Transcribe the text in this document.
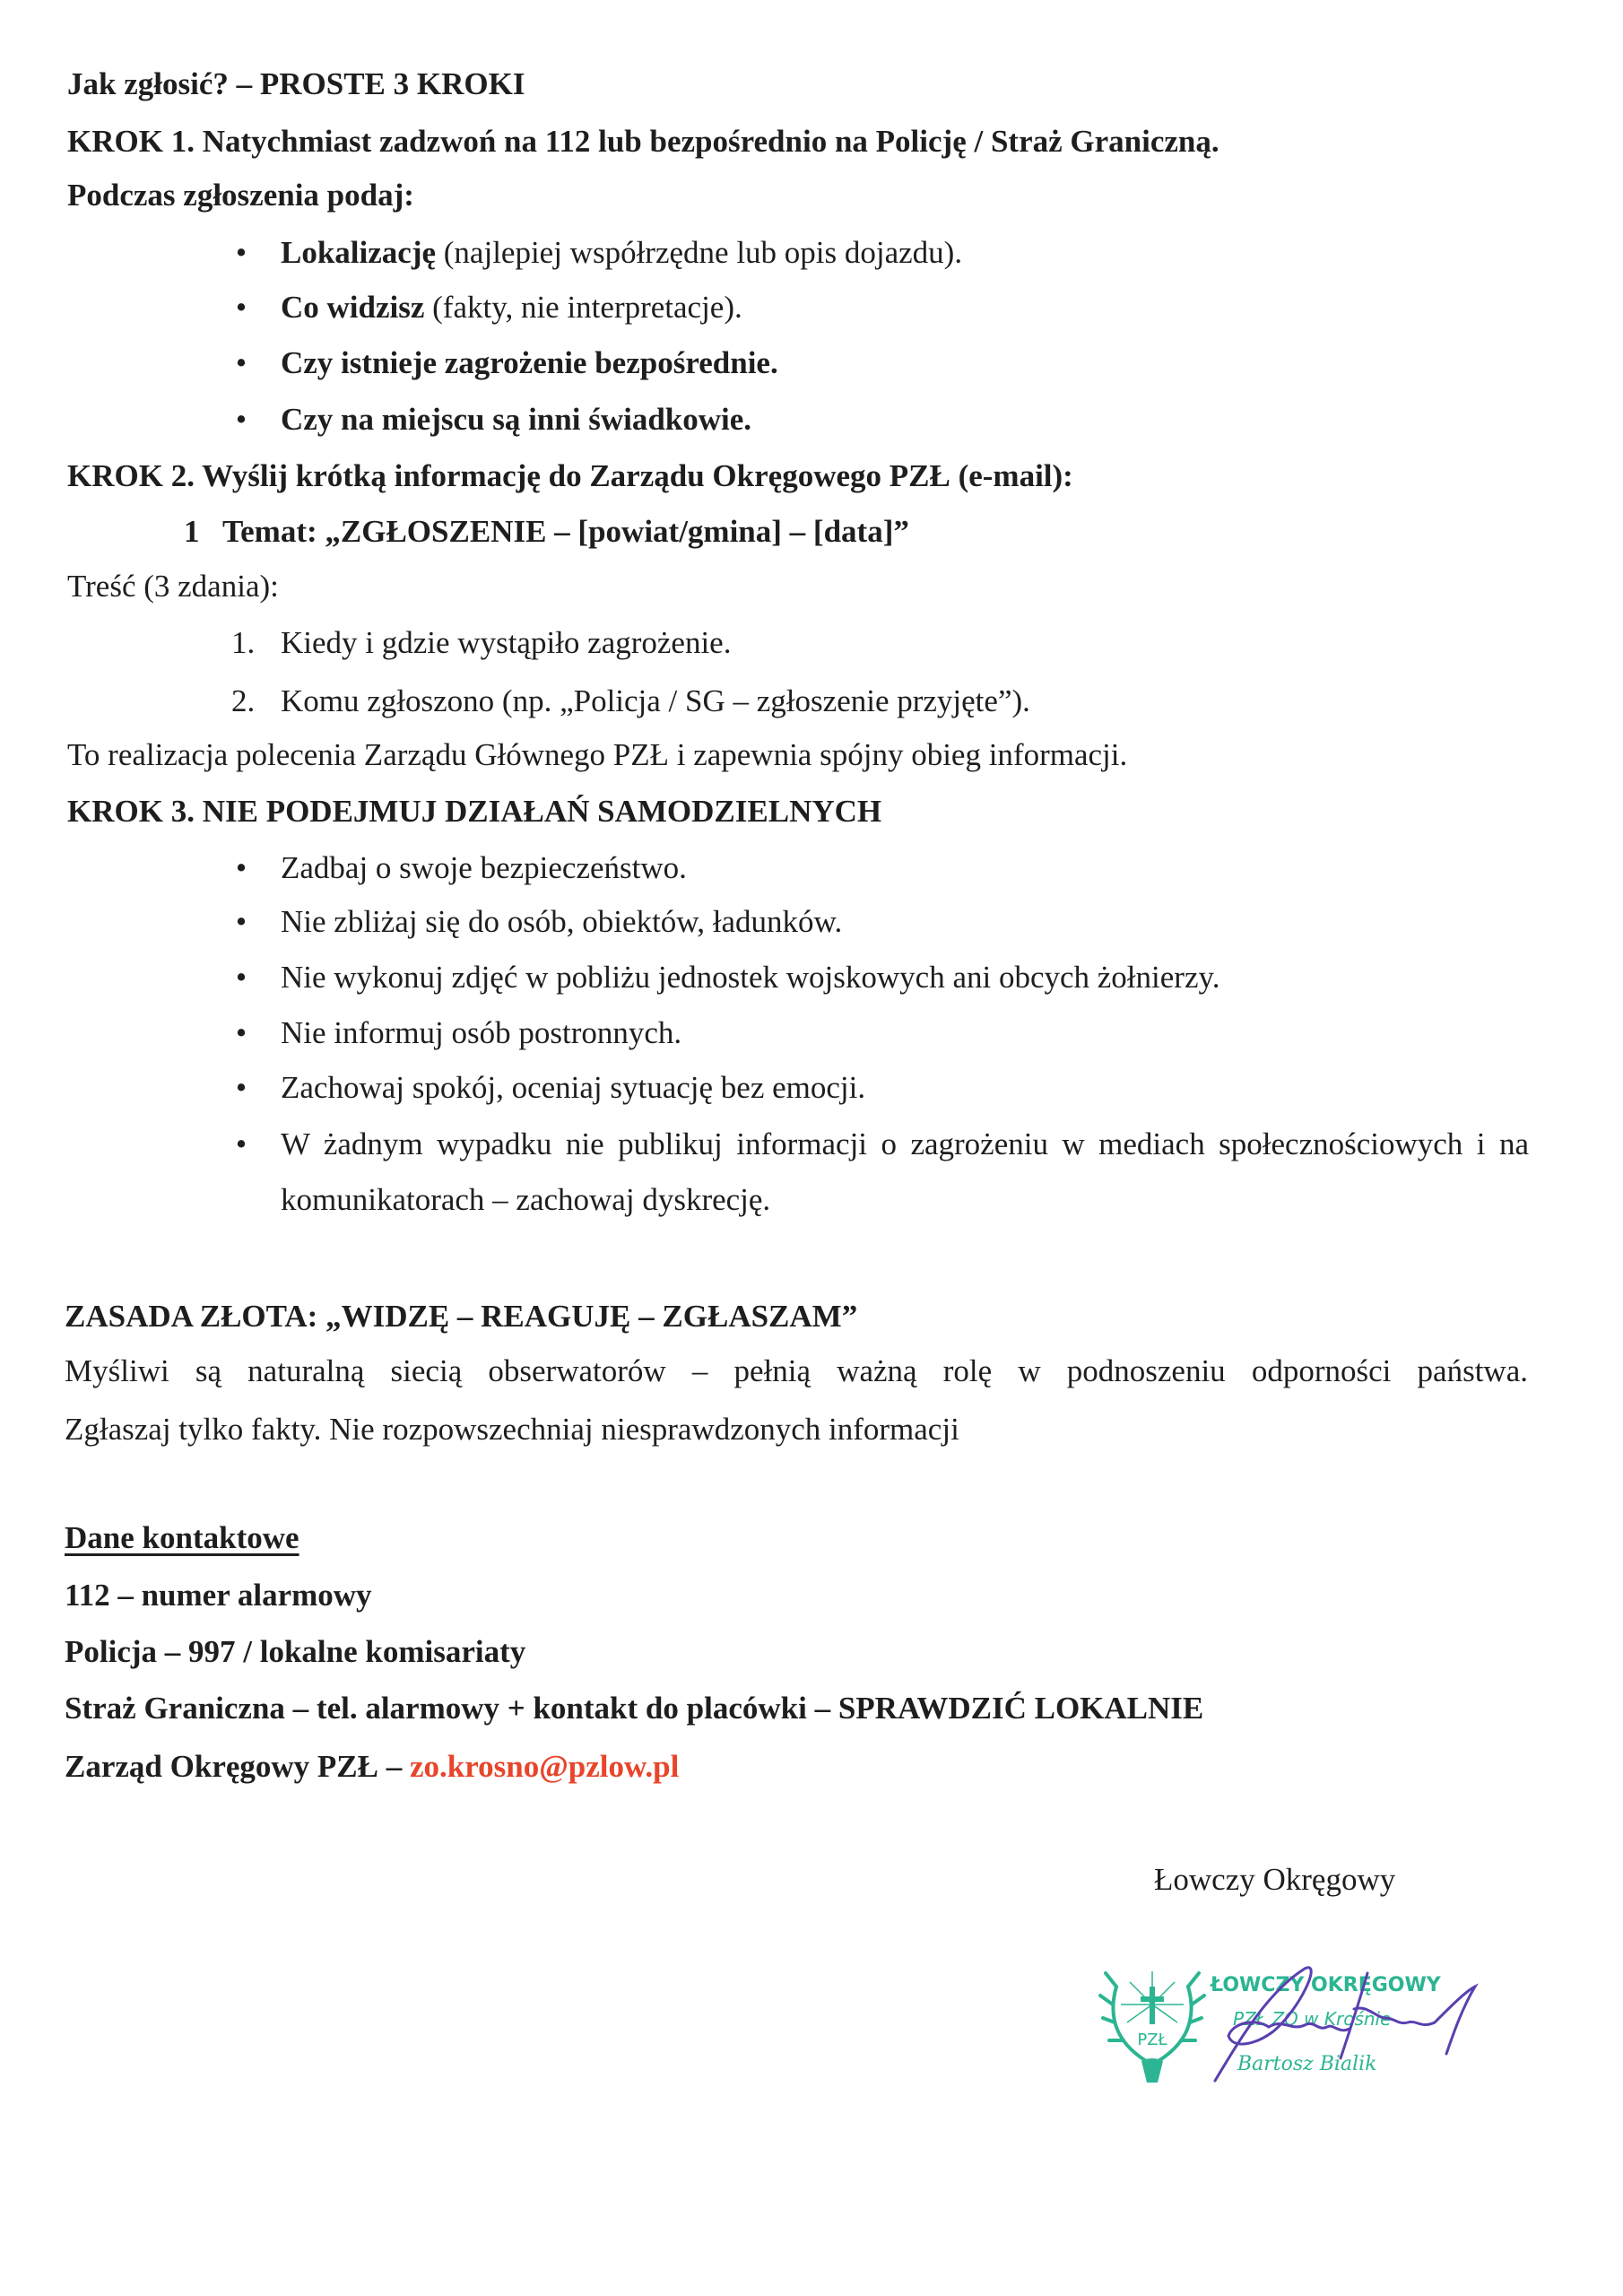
Jak zgłosić? – PROSTE 3 KROKI
KROK 1. Natychmiast zadzwoń na 112 lub bezpośrednio na Policję / Straż Graniczną.
Podczas zgłoszenia podaj:
• Lokalizację (najlepiej współrzędne lub opis dojazdu).
• Co widzisz (fakty, nie interpretacje).
• Czy istnieje zagrożenie bezpośrednie.
• Czy na miejscu są inni świadkowie.
KROK 2. Wyślij krótką informację do Zarządu Okręgowego PZŁ (e-mail):
1 Temat: „ZGŁOSZENIE – [powiat/gmina] – [data]”
Treść (3 zdania):
1. Kiedy i gdzie wystąpiło zagrożenie.
2. Komu zgłoszono (np. „Policja / SG – zgłoszenie przyjęte”).
To realizacja polecenia Zarządu Głównego PZŁ i zapewnia spójny obieg informacji.
KROK 3. NIE PODEJMUJ DZIAŁAŃ SAMODZIELNYCH
• Zadbaj o swoje bezpieczeństwo.
• Nie zbliżaj się do osób, obiektów, ładunków.
• Nie wykonuj zdjęć w pobliżu jednostek wojskowych ani obcych żołnierzy.
• Nie informuj osób postronnych.
• Zachowaj spokój, oceniaj sytuację bez emocji.
• W żadnym wypadku nie publikuj informacji o zagrożeniu w mediach społecznościowych i na
komunikatorach – zachowaj dyskrecję.
ZASADA ZŁOTA: „WIDZĘ – REAGUJĘ – ZGŁASZAM”
Myśliwi są naturalną siecią obserwatorów – pełnią ważną rolę w podnoszeniu odporności państwa.
Zgłaszaj tylko fakty. Nie rozpowszechniaj niesprawdzonych informacji
Dane kontaktowe
112 – numer alarmowy
Policja – 997 / lokalne komisariaty
Straż Graniczna – tel. alarmowy + kontakt do placówki – SPRAWDZIĆ LOKALNIE
Zarząd Okręgowy PZŁ – zo.krosno@pzlow.pl
Łowczy Okręgowy
PZŁ
ŁOWCZY OKRĘGOWY
PZŁ ZO w Krośnie
Bartosz Bialik
